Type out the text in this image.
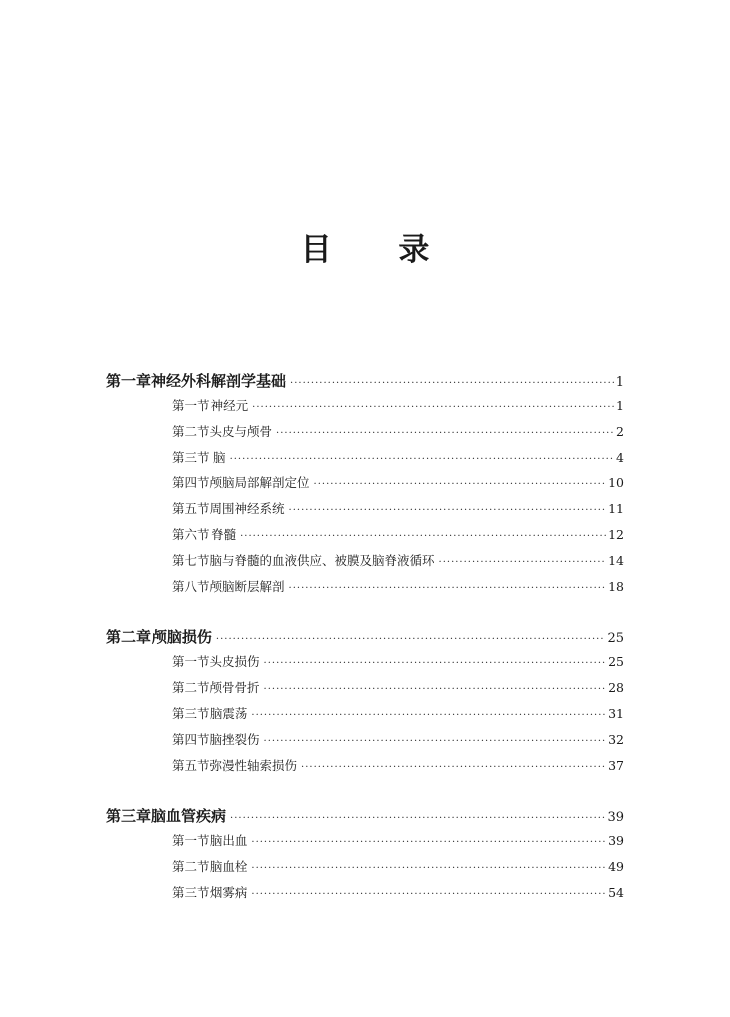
目 录
第一章 神经外科解剖学基础 ·····	1
第一节 神经元 ·····	1
第二节 头皮与颅骨 ·····	2
第三节 脑 ·····	4
第四节 颅脑局部解剖定位 ·····	10
第五节 周围神经系统 ·····	11
第六节 脊髓 ·····	12
第七节 脑与脊髓的血液供应、被膜及脑脊液循环 ·····	14
第八节 颅脑断层解剖 ·····	18
第二章 颅脑损伤 ·····	25
第一节 头皮损伤 ·····	25
第二节 颅骨骨折 ·····	28
第三节 脑震荡 ·····	31
第四节 脑挫裂伤 ·····	32
第五节 弥漫性轴索损伤 ·····	37
第三章 脑血管疾病 ·····	39
第一节 脑出血 ·····	39
第二节 脑血栓 ·····	49
第三节 烟雾病 ·····	54
